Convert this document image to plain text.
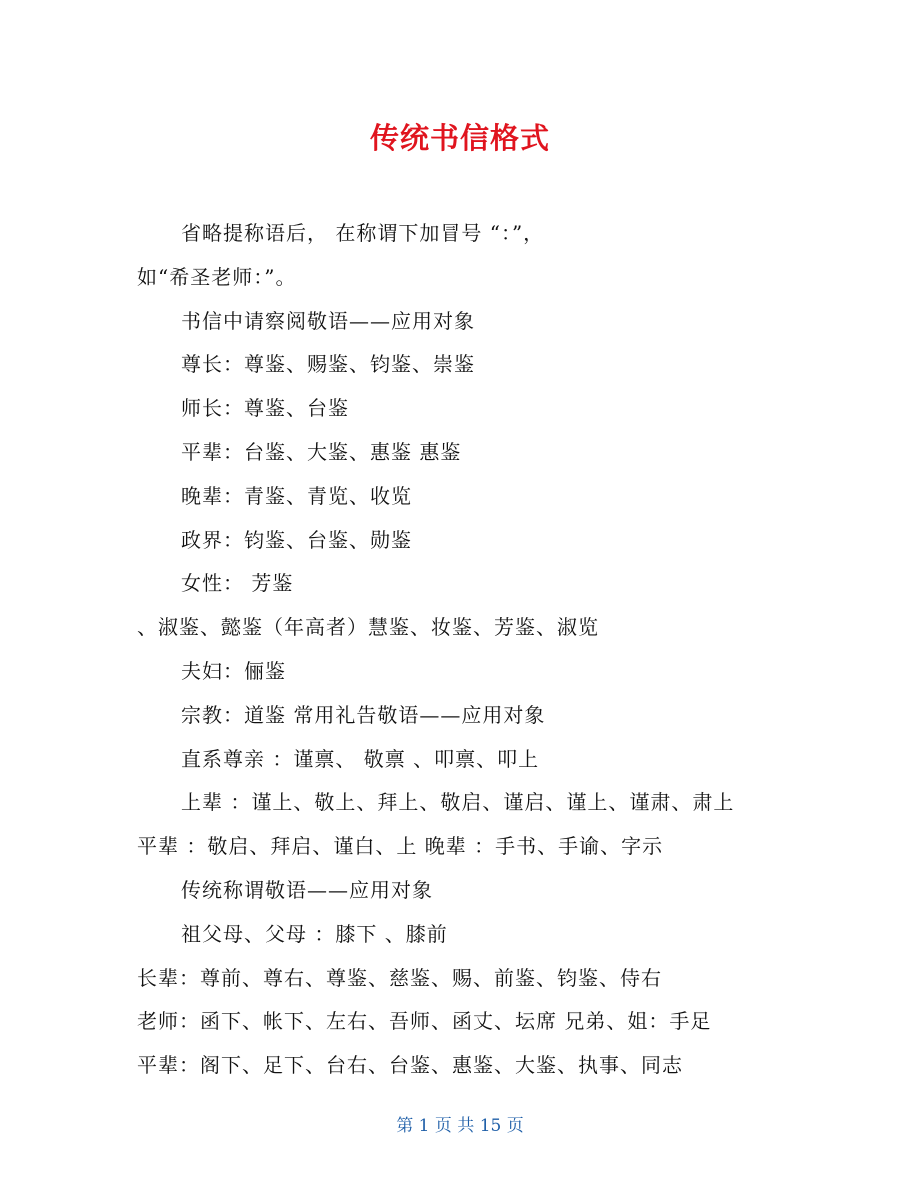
传统书信格式
省略提称语后， 在称谓下加冒号 “：”，
如“希圣老师：”。
书信中请察阅敬语——应用对象
尊长：尊鉴、赐鉴、钧鉴、崇鉴
师长：尊鉴、台鉴
平辈：台鉴、大鉴、惠鉴 惠鉴
晚辈：青鉴、青览、收览
政界：钧鉴、台鉴、勋鉴
女性： 芳鉴
、淑鉴、懿鉴（年高者）慧鉴、妆鉴、芳鉴、淑览
夫妇：俪鉴
宗教：道鉴 常用礼告敬语——应用对象
直系尊亲 ：谨禀、 敬禀 、叩禀、叩上
上辈 ：谨上、敬上、拜上、敬启、谨启、谨上、谨肃、肃上
平辈 ：敬启、拜启、谨白、上 晚辈 ：手书、手谕、字示
传统称谓敬语——应用对象
祖父母、父母 ：膝下 、膝前
长辈：尊前、尊右、尊鉴、慈鉴、赐、前鉴、钧鉴、侍右
老师：函下、帐下、左右、吾师、函丈、坛席 兄弟、姐：手足
平辈：阁下、足下、台右、台鉴、惠鉴、大鉴、执事、同志
第 1 页 共 15 页
